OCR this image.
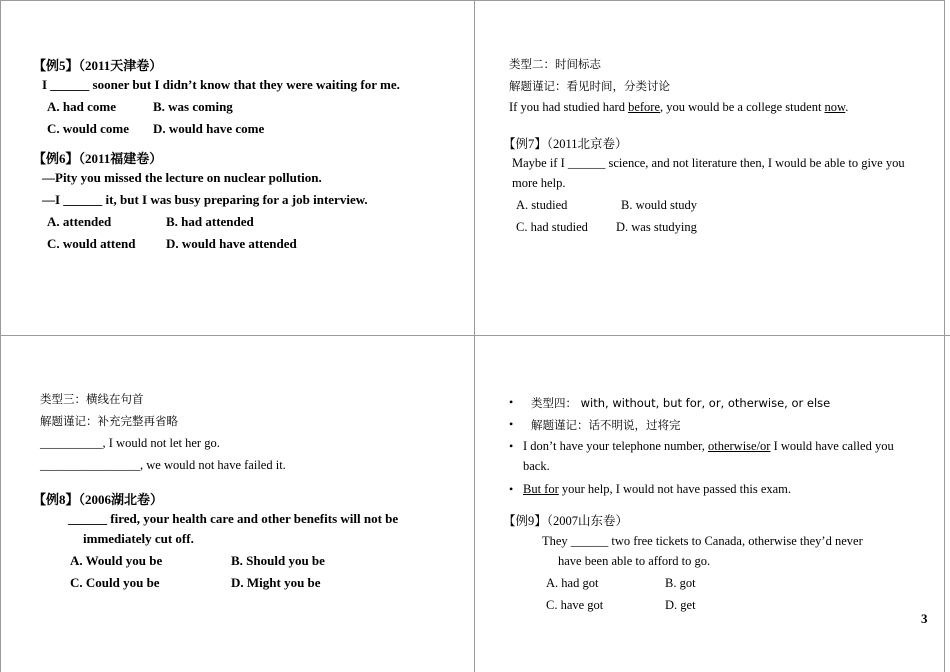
【例5】（2011天津卷）
I ______ sooner but I didn’t know that they were waiting for me.
A. had come	B. was coming
C. would come D. would have come
【例6】（2011福建卷）
—Pity you missed the lecture on nuclear pollution.
—I ______ it, but I was busy preparing for a job interview.
A. attended	B. had attended
C. would attend D. would have attended
类型二：时间标志
解题谨记：看见时间，分类讨论
If you had studied hard before, you would be a college student now.
【例7】（2011北京卷）
Maybe if I ______ science, and not literature then, I would be able to give you
more help.
A. studied	B. would study
C. had studied D. was studying
类型三：横线在句首
解题谨记：补充完整再省略
__________, I would not let her go.
________________, we would not have failed it.
【例8】（2006湖北卷）
______ fired, your health care and other benefits will not be
immediately cut off.
A. Would you be	B. Should you be
C. Could you be	D. Might you be
• 类型四： with, without, but for, or, otherwise, or else
• 解题谨记：话不明说，过将完
• I don’t have your telephone number, otherwise/or I would have called you
back.
• But for your help, I would not have passed this exam.
【例9】（2007山东卷）
They ______ two free tickets to Canada, otherwise they’d never
have been able to afford to go.
A. had got	B. got
C. have got	D. get
3
